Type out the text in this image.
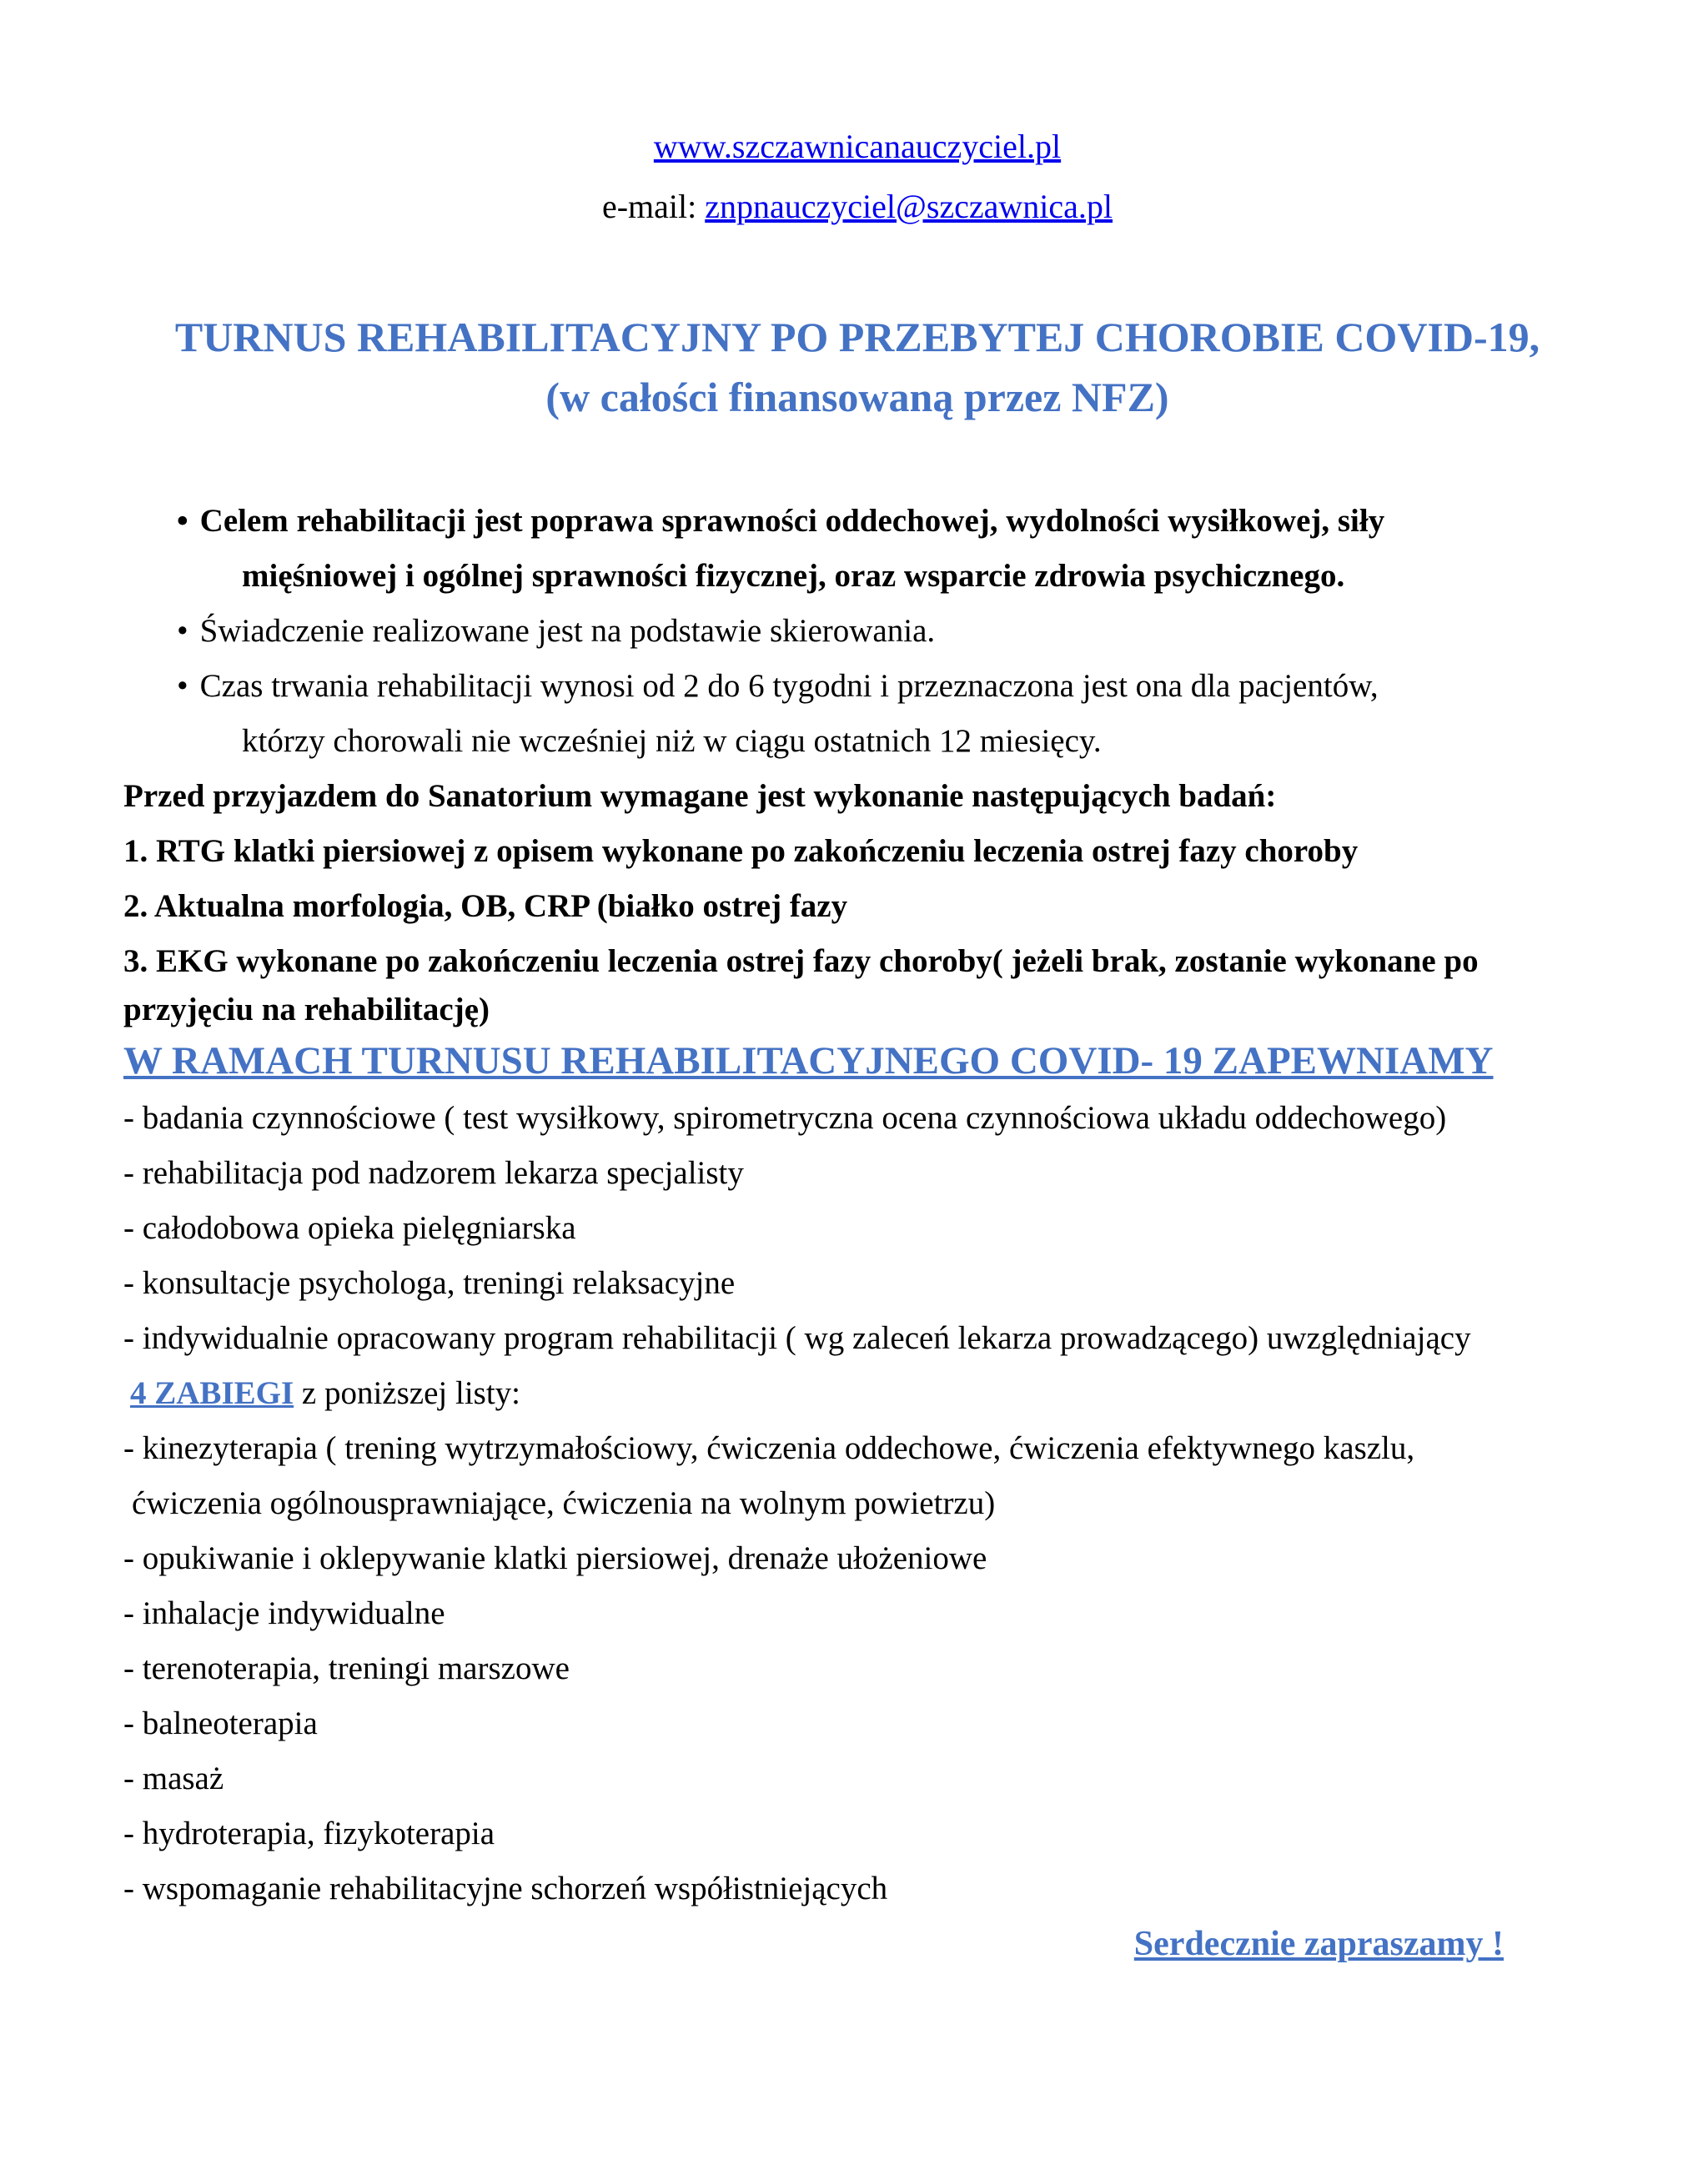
www.szczawnicanauczyciel.pl
e-mail: znpnauczyciel@szczawnica.pl
TURNUS REHABILITACYJNY PO PRZEBYTEJ CHOROBIE COVID-19,
(w całości finansowaną przez NFZ)
• Celem rehabilitacji jest poprawa sprawności oddechowej, wydolności wysiłkowej, siły
mięśniowej i ogólnej sprawności fizycznej, oraz wsparcie zdrowia psychicznego.
• Świadczenie realizowane jest na podstawie skierowania.
• Czas trwania rehabilitacji wynosi od 2 do 6 tygodni i przeznaczona jest ona dla pacjentów,
którzy chorowali nie wcześniej niż w ciągu ostatnich 12 miesięcy.
Przed przyjazdem do Sanatorium wymagane jest wykonanie następujących badań:
1. RTG klatki piersiowej z opisem wykonane po zakończeniu leczenia ostrej fazy choroby
2. Aktualna morfologia, OB, CRP (białko ostrej fazy
3. EKG wykonane po zakończeniu leczenia ostrej fazy choroby( jeżeli brak, zostanie wykonane po
przyjęciu na rehabilitację)
W RAMACH TURNUSU REHABILITACYJNEGO COVID- 19 ZAPEWNIAMY
- badania czynnościowe ( test wysiłkowy, spirometryczna ocena czynnościowa układu oddechowego)
- rehabilitacja pod nadzorem lekarza specjalisty
- całodobowa opieka pielęgniarska
- konsultacje psychologa, treningi relaksacyjne
- indywidualnie opracowany program rehabilitacji ( wg zaleceń lekarza prowadzącego) uwzględniający
4 ZABIEGI z poniższej listy:
- kinezyterapia ( trening wytrzymałościowy, ćwiczenia oddechowe, ćwiczenia efektywnego kaszlu,
ćwiczenia ogólnousprawniające, ćwiczenia na wolnym powietrzu)
- opukiwanie i oklepywanie klatki piersiowej, drenaże ułożeniowe
- inhalacje indywidualne
- terenoterapia, treningi marszowe
- balneoterapia
- masaż
- hydroterapia, fizykoterapia
- wspomaganie rehabilitacyjne schorzeń współistniejących
Serdecznie zapraszamy !
